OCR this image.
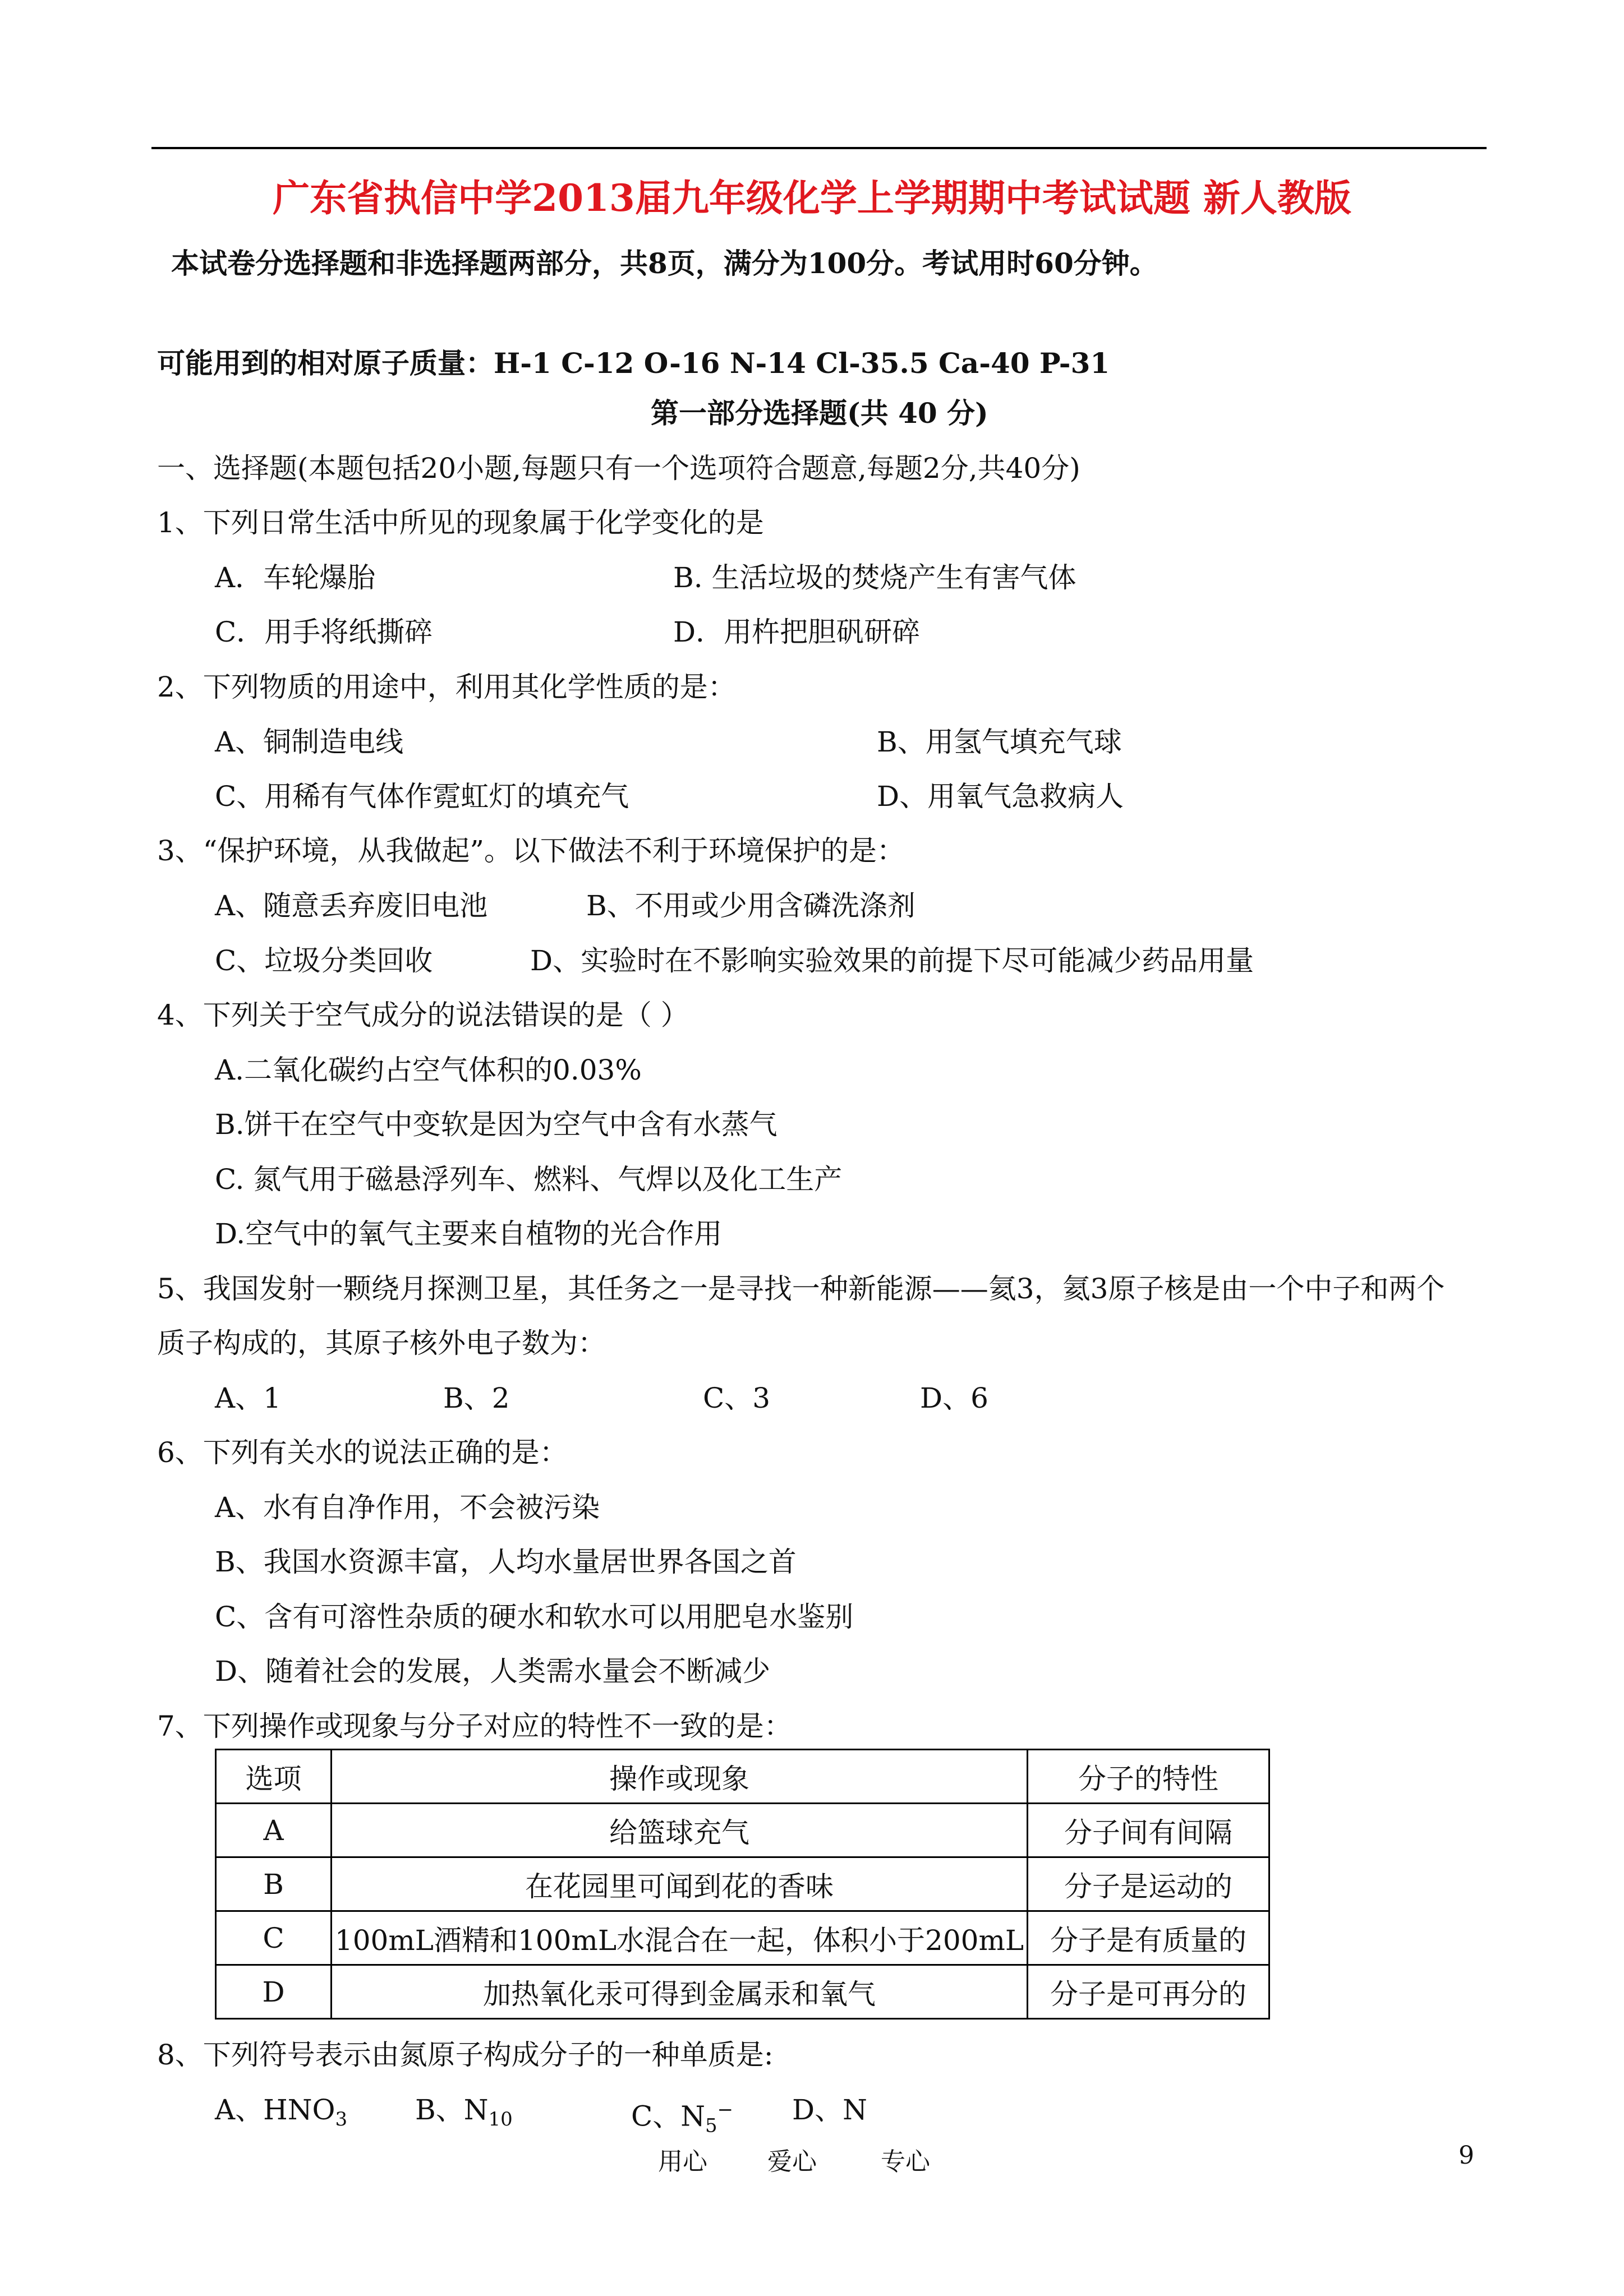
广东省执信中学2013届九年级化学上学期期中考试试题 新人教版
本试卷分选择题和非选择题两部分，共8页，满分为100分。考试用时60分钟。
可能用到的相对原子质量：H-1 C-12 O-16 N-14 Cl-35.5 Ca-40 P-31
第一部分选择题(共 40 分)
一、选择题(本题包括20小题,每题只有一个选项符合题意,每题2分,共40分)
1、下列日常生活中所见的现象属于化学变化的是
A．车轮爆胎	B. 生活垃圾的焚烧产生有害气体
C．用手将纸撕碎	D．用杵把胆矾研碎
2、下列物质的用途中，利用其化学性质的是：
A、铜制造电线	B、用氢气填充气球
C、用稀有气体作霓虹灯的填充气	D、用氧气急救病人
3、“保护环境，从我做起”。以下做法不利于环境保护的是：
A、随意丢弃废旧电池	B、不用或少用含磷洗涤剂
C、垃圾分类回收	D、实验时在不影响实验效果的前提下尽可能减少药品用量
4、下列关于空气成分的说法错误的是（ ）
A.二氧化碳约占空气体积的0.03%
B.饼干在空气中变软是因为空气中含有水蒸气
C. 氮气用于磁悬浮列车、燃料、气焊以及化工生产
D.空气中的氧气主要来自植物的光合作用
5、我国发射一颗绕月探测卫星，其任务之一是寻找一种新能源——氦3，氦3原子核是由一个中子和两个
质子构成的，其原子核外电子数为：
A、1	B、2	C、3	D、6
6、下列有关水的说法正确的是：
A、水有自净作用，不会被污染
B、我国水资源丰富，人均水量居世界各国之首
C、含有可溶性杂质的硬水和软水可以用肥皂水鉴别
D、随着社会的发展，人类需水量会不断减少
7、下列操作或现象与分子对应的特性不一致的是：
选项	操作或现象	分子的特性
A	给篮球充气	分子间有间隔
B	在花园里可闻到花的香味	分子是运动的
C	100mL酒精和100mL水混合在一起，体积小于200mL	分子是有质量的
D	加热氧化汞可得到金属汞和氧气	分子是可再分的
8、下列符号表示由氮原子构成分子的一种单质是:
A、$HNO_3$ B、$N_{10}$	C、$N_5^-$ D、N
用心 爱心	专心	9
